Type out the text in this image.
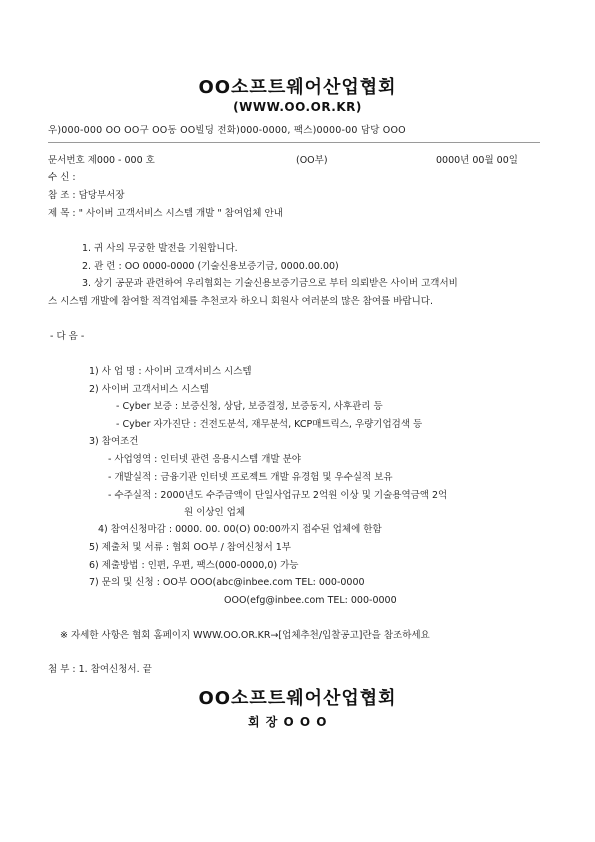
OO소프트웨어산업협회
(WWW.OO.OR.KR)
우)000-000 OO OO구 OO동 OO빌딩 전화)000-0000, 팩스)0000-00 담당 OOO
문서번호 제000 - 000 호	(OO부)	0000년 00월 00일
수 신 :
참 조 : 담당부서장
제 목 : " 사이버 고객서비스 시스템 개발 " 참여업체 안내
1. 귀 사의 무궁한 발전을 기원합니다.
2. 관 련 : OO 0000-0000 (기술신용보증기금, 0000.00.00)
3. 상기 공문과 관련하여 우리협회는 기술신용보증기금으로 부터 의뢰받은 사이버 고객서비
스 시스템 개발에 참여할 적격업체를 추천코자 하오니 회원사 여러분의 많은 참여를 바랍니다.
- 다 음 -
1) 사 업 명 : 사이버 고객서비스 시스템
2) 사이버 고객서비스 시스템
- Cyber 보증 : 보증신청, 상담, 보증결정, 보증동지, 사후관리 등
- Cyber 자가진단 : 건전도분석, 재무분석, KCP매트릭스, 우량기업검색 등
3) 참여조건
- 사업영역 : 인터넷 관련 응용시스템 개발 분야
- 개발실적 : 금융기관 인터넷 프로젝트 개발 유경험 및 우수실적 보유
- 수주실적 : 2000년도 수주금액이 단일사업규모 2억원 이상 및 기술용역금액 2억
원 이상인 업체
4) 참여신청마감 : 0000. 00. 00(O) 00:00까지 접수된 업체에 한함
5) 제출처 및 서류 : 협회 OO부 / 참여신청서 1부
6) 제출방법 : 인편, 우편, 팩스(000-0000,0) 가능
7) 문의 및 신청 : OO부 OOO(abc@inbee.com TEL: 000-0000
OOO(efg@inbee.com TEL: 000-0000
※ 자세한 사항은 협회 홈페이지 WWW.OO.OR.KR→[업체추천/입찰공고]란을 참조하세요
첨 부 : 1. 참여신청서. 끝
OO소프트웨어산업협회
회 장 O O O
